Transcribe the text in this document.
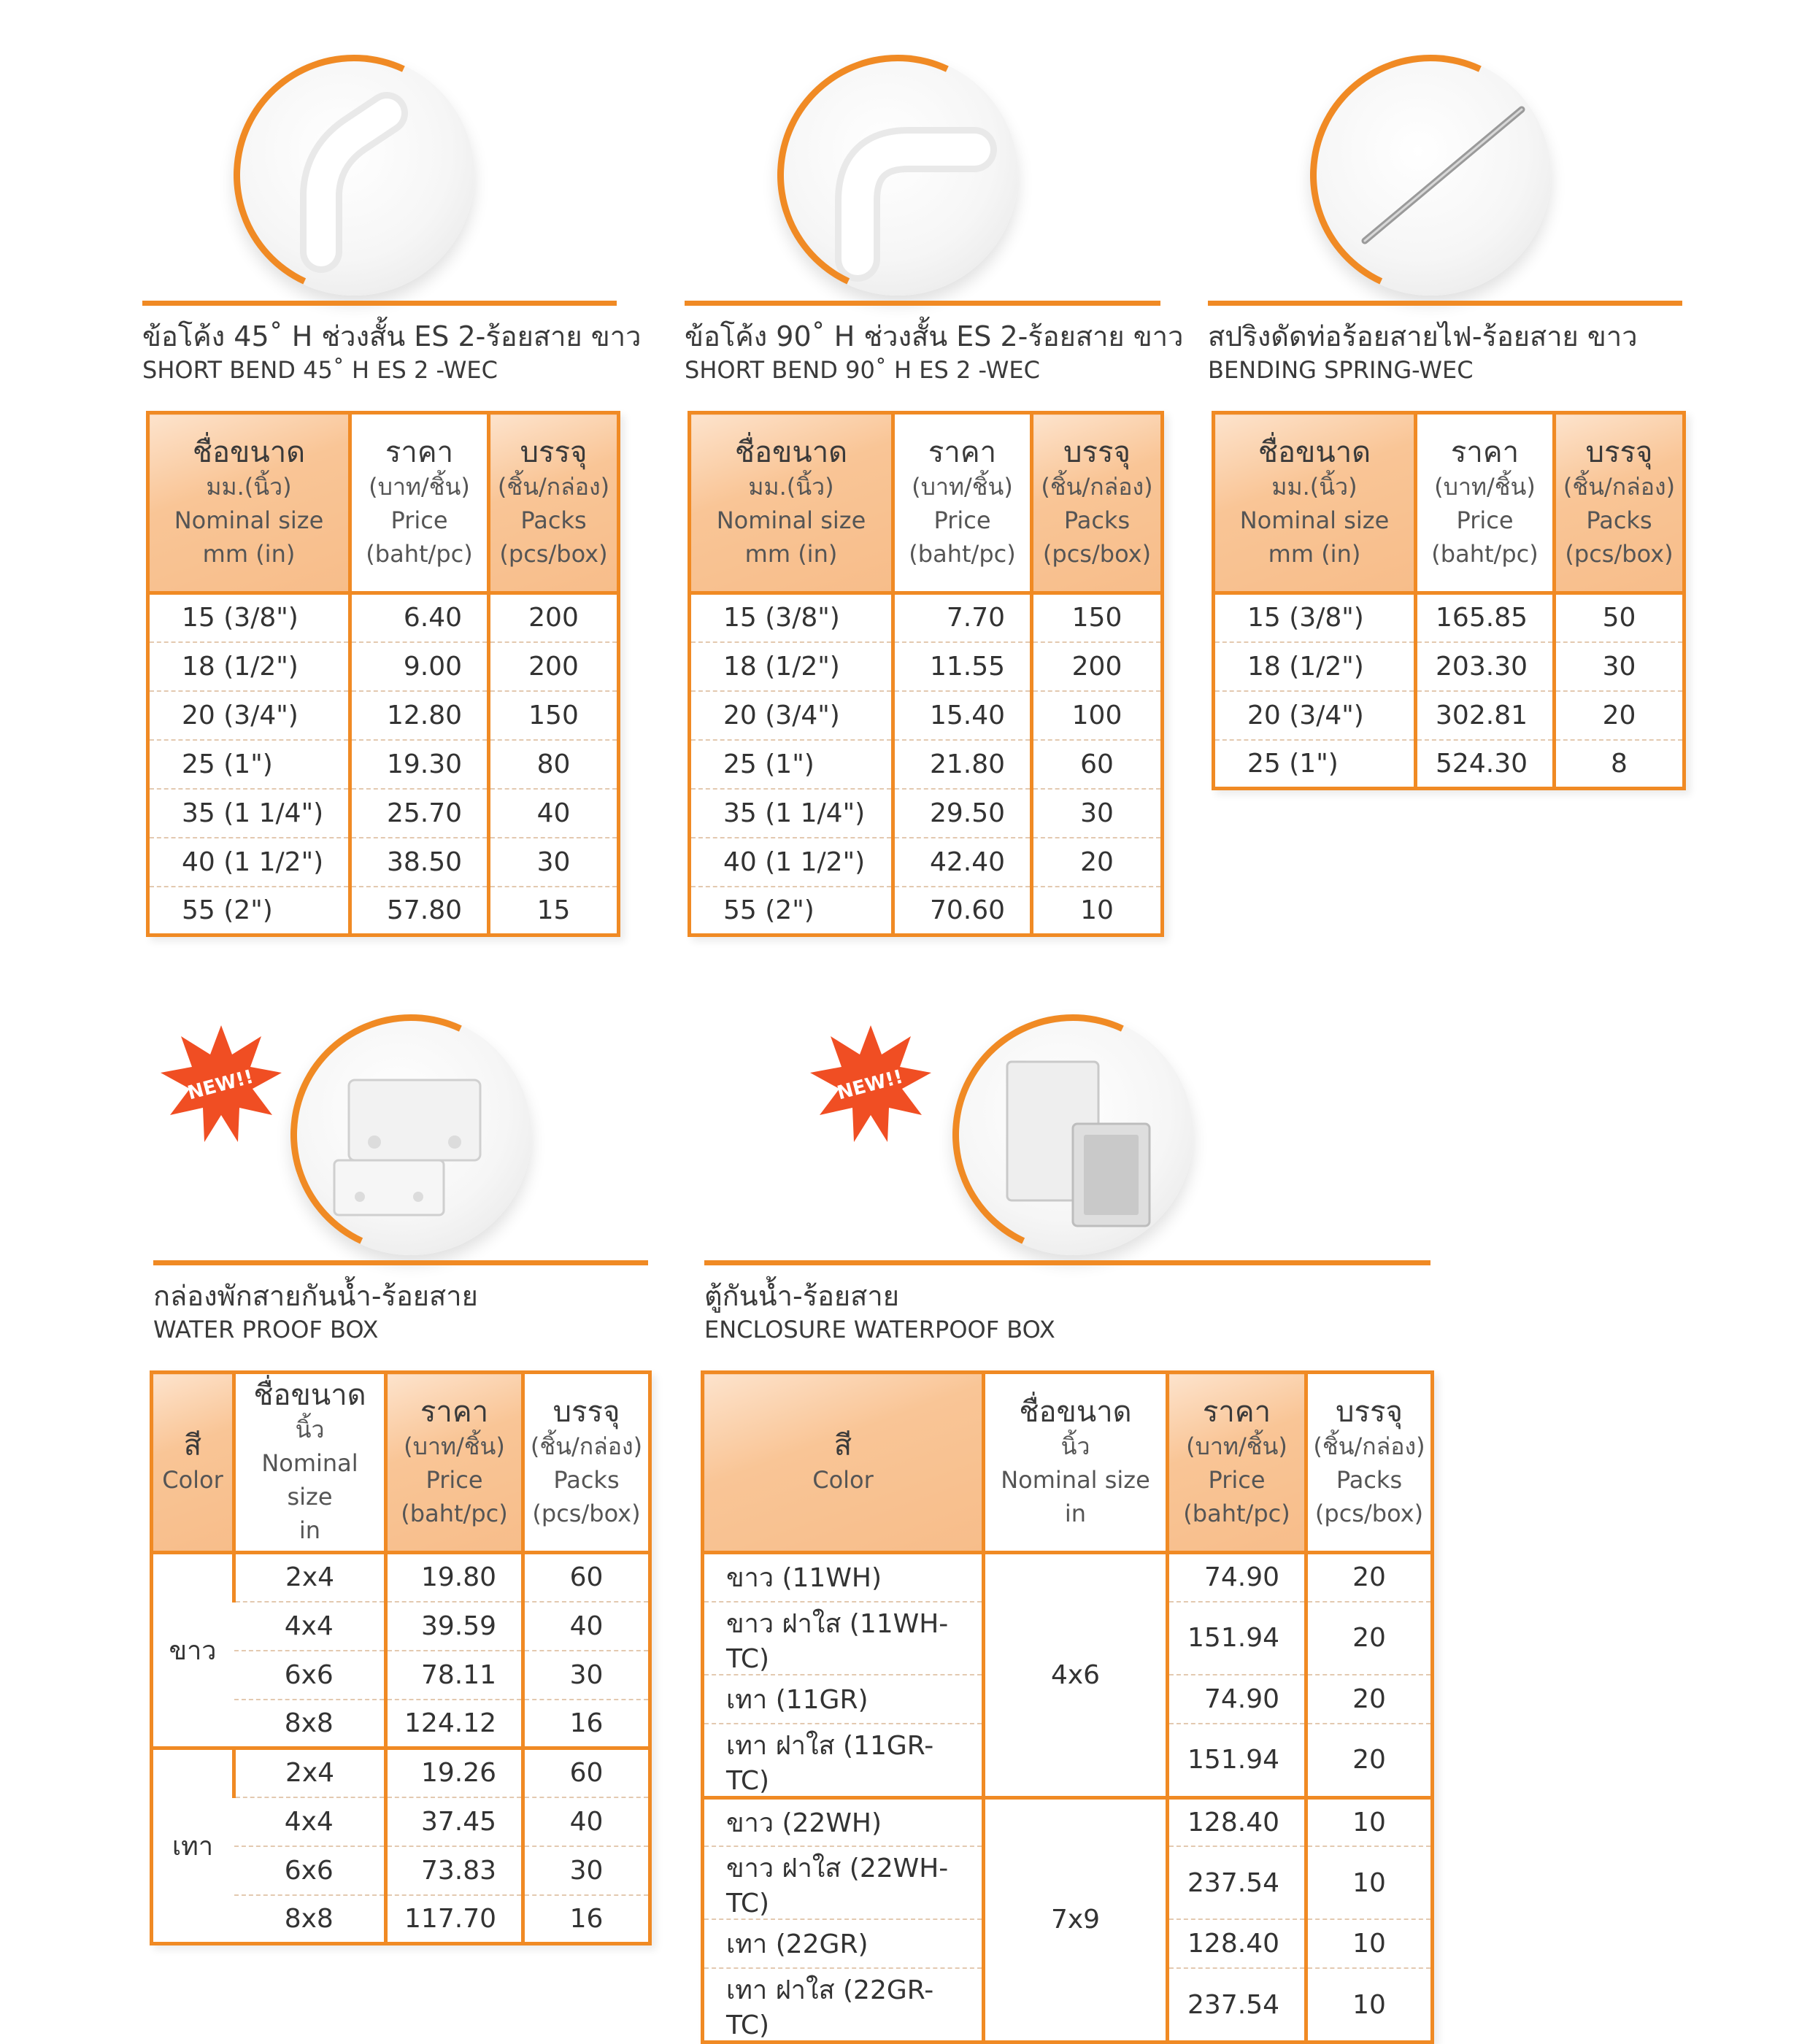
ข้อโค้ง 45˚ H ช่วงสั้น ES 2-ร้อยสาย ขาว
SHORT BEND 45˚ H ES 2 -WEC
ชื่อขนาด
มม.(นิ้ว)
Nominal size
mm (in)	ราคา
(บาท/ชิ้น)
Price
(baht/pc)	บรรจุ
(ชิ้น/กล่อง)
Packs
(pcs/box)

15 (3/8")	6.40	200
18 (1/2")	9.00	200
20 (3/4")	12.80	150
25 (1")	19.30	80
35 (1 1/4")	25.70	40
40 (1 1/2")	38.50	30
55 (2")	57.80	15
ข้อโค้ง 90˚ H ช่วงสั้น ES 2-ร้อยสาย ขาว
SHORT BEND 90˚ H ES 2 -WEC
ชื่อขนาด
มม.(นิ้ว)
Nominal size
mm (in)	ราคา
(บาท/ชิ้น)
Price
(baht/pc)	บรรจุ
(ชิ้น/กล่อง)
Packs
(pcs/box)

15 (3/8")	7.70	150
18 (1/2")	11.55	200
20 (3/4")	15.40	100
25 (1")	21.80	60
35 (1 1/4")	29.50	30
40 (1 1/2")	42.40	20
55 (2")	70.60	10
สปริงดัดท่อร้อยสายไฟ-ร้อยสาย ขาว
BENDING SPRING-WEC
ชื่อขนาด
มม.(นิ้ว)
Nominal size
mm (in)	ราคา
(บาท/ชิ้น)
Price
(baht/pc)	บรรจุ
(ชิ้น/กล่อง)
Packs
(pcs/box)

15 (3/8")	165.85	50
18 (1/2")	203.30	30
20 (3/4")	302.81	20
25 (1")	524.30	8
NEW!!
กล่องพักสายกันน้ำ-ร้อยสาย
WATER PROOF BOX
สี
Color	ชื่อขนาด
นิ้ว
Nominal size
in	ราคา
(บาท/ชิ้น)
Price
(baht/pc)	บรรจุ
(ชิ้น/กล่อง)
Packs
(pcs/box)

ขาว	2x4	19.80	60
	4x4	39.59	40
	6x6	78.11	30
	8x8	124.12	16
เทา	2x4	19.26	60
	4x4	37.45	40
	6x6	73.83	30
	8x8	117.70	16
NEW!!
ตู้กันน้ำ-ร้อยสาย
ENCLOSURE WATERPOOF BOX
สี
Color	ชื่อขนาด
นิ้ว
Nominal size
in	ราคา
(บาท/ชิ้น)
Price
(baht/pc)	บรรจุ
(ชิ้น/กล่อง)
Packs
(pcs/box)

ขาว (11WH)	4x6	74.90	20
ขาว ฝาใส (11WH-TC)		151.94	20
เทา (11GR)		74.90	20
เทา ฝาใส (11GR-TC)		151.94	20
ขาว (22WH)	7x9	128.40	10
ขาว ฝาใส (22WH-TC)		237.54	10
เทา (22GR)		128.40	10
เทา ฝาใส (22GR-TC)		237.54	10
